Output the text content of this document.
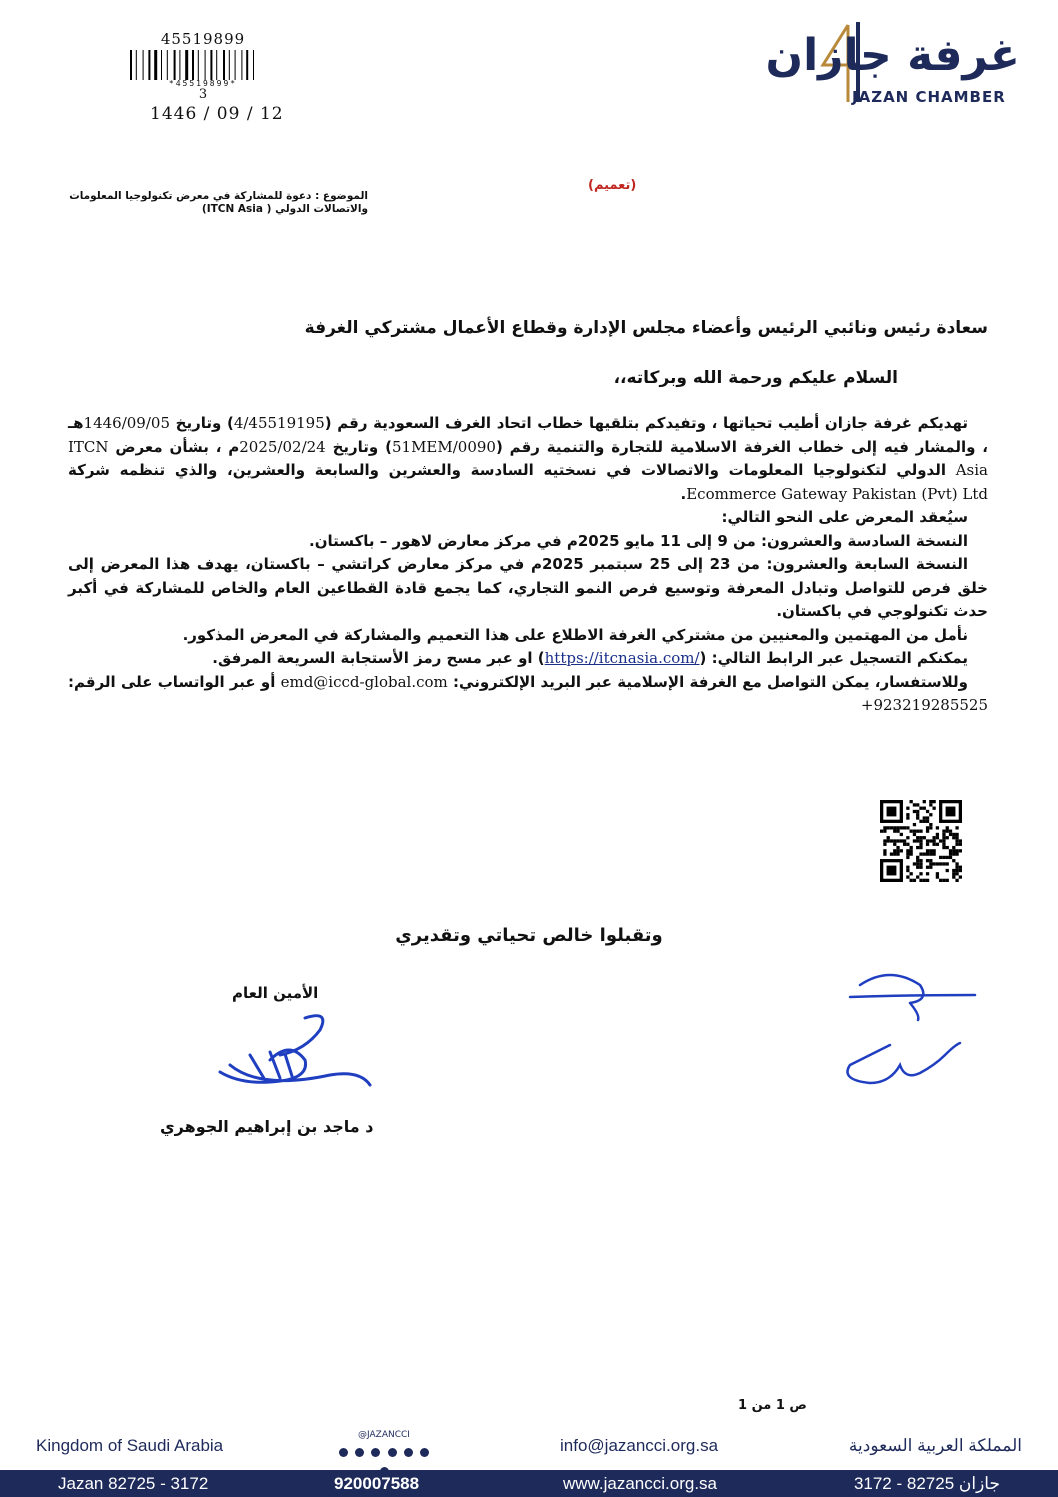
45519899
*45519899*
3
1446 / 09 / 12
غرفة جازان
JAZAN CHAMBER
(تعميم)
الموضوع : دعوة للمشاركة في معرض تكنولوجيا المعلومات
والاتصالات الدولي ( ITCN Asia)

سعادة رئيس ونائبي الرئيس وأعضاء مجلس الإدارة وقطاع الأعمال مشتركي الغرفة

السلام عليكم ورحمة الله وبركاته،،

تهديكم غرفة جازان أطيب تحياتها ، وتفيدكم بتلقيها خطاب اتحاد الغرف السعودية رقم (4/45519195) وتاريخ 1446/09/05هـ ، والمشار فيه إلى خطاب الغرفة الاسلامية للتجارة والتنمية رقم (51MEM/0090) وتاريخ 2025/02/24م ، بشأن معرض ITCN Asia الدولي لتكنولوجيا المعلومات والاتصالات في نسختيه السادسة والعشرين والسابعة والعشرين، والذي تنظمه شركة Ecommerce Gateway Pakistan (Pvt) Ltd.

سيُعقد المعرض على النحو التالي:

النسخة السادسة والعشرون: من 9 إلى 11 مايو 2025م في مركز معارض لاهور – باكستان.

النسخة السابعة والعشرون: من 23 إلى 25 سبتمبر 2025م في مركز معارض كراتشي – باكستان، يهدف هذا المعرض إلى خلق فرص للتواصل وتبادل المعرفة وتوسيع فرص النمو التجاري، كما يجمع قادة القطاعين العام والخاص للمشاركة في أكبر حدث تكنولوجي في باكستان.

نأمل من المهتمين والمعنيين من مشتركي الغرفة الاطلاع على هذا التعميم والمشاركة في المعرض المذكور.

يمكنكم التسجيل عبر الرابط التالي: (https://itcnasia.com/) او عبر مسح رمز الأستجابة السريعة المرفق.

وللاستفسار، يمكن التواصل مع الغرفة الإسلامية عبر البريد الإلكتروني: emd@iccd-global.com أو عبر الواتساب على الرقم: +923219285525

وتقبلوا خالص تحياتي وتقديري
الأمين العام
د ماجد بن إبراهيم الجوهري
ص 1 من 1
Kingdom of Saudi Arabia
@JAZANCCI

info@jazancci.org.sa	المملكة العربية السعودية
Jazan 82725 - 3172	920007588	www.jazancci.org.sa	جازان 82725 - 3172
